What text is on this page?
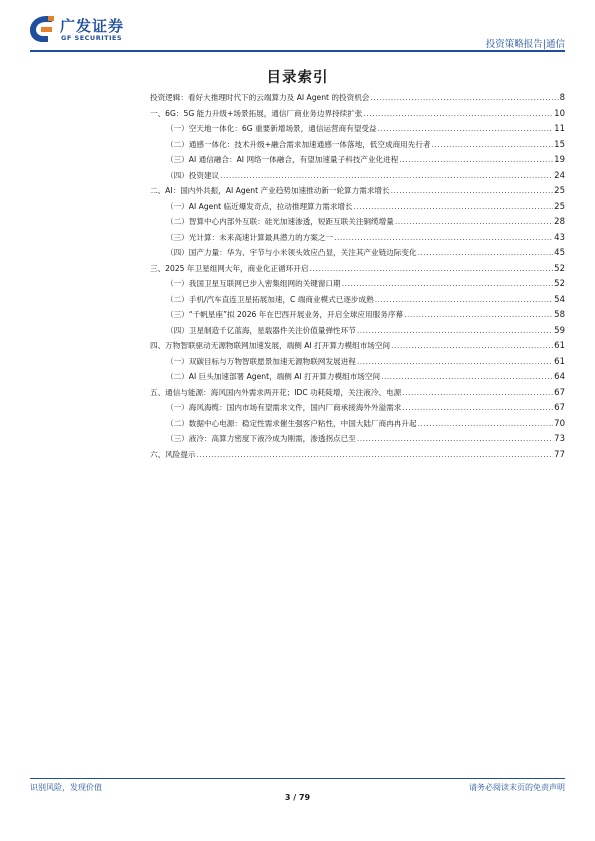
广发证券
GF SECURITIES
投资策略报告|通信
目录索引
投资逻辑：看好大推理时代下的云端算力及 AI Agent 的投资机会 .....	8
一、6G：5G 能力升级+场景拓展，通信厂商业务边界持续扩张 .....	10
（一）空天地一体化：6G 重要新增场景，通信运营商有望受益 .....	11
（二）通感一体化：技术升级+融合需求加速通感一体落地，低空成商用先行者 .....	15
（三）AI 通信融合：AI 网络一体融合，有望加速量子科技产业化进程 .....	19
（四）投资建议 .....	24
二、AI：国内外共振，AI Agent 产业趋势加速推动新一轮算力需求增长 .....	25
（一）AI Agent 临近爆发奇点，拉动推理算力需求增长 .....	25
（二）智算中心内部外互联：硅光加速渗透，短距互联关注铜缆增量 .....	28
（三）光计算：未来高速计算最具潜力的方案之一 .....	43
（四）国产力量：华为、宇节与小米领头效应凸显，关注其产业链边际变化 .....	45
三、2025 年卫星组网大年，商业化正循环开启 .....	52
（一）我国卫星互联网已步入密集组网的关键窗口期 .....	52
（二）手机/汽车直连卫星拓展加速，C 端商业模式已逐步成熟 .....	54
（三）“千帆星座”拟 2026 年在巴西开展业务，开启全球应用服务序幕 .....	58
（四）卫星制造千亿蓝海，星载器件关注价值量弹性环节 .....	59
四、万物智联驱动无源物联网加速发展，端侧 AI 打开算力模组市场空间 .....	61
（一）双碳目标与万物智联愿景加速无源物联网发展进程 .....	61
（二）AI 巨头加速部署 Agent，端侧 AI 打开算力模组市场空间 .....	64
五、通信与能源：海风国内外需求两开花；IDC 功耗陡增，关注液冷、电源 .....	67
（一）海风海缆：国内市场有望需求文件，国内厂商承接海外外溢需求 .....	67
（二）数据中心电源：稳定性需求催生强客户粘性，中国大陆厂商冉冉升起 .....	70
（三）液冷：高算力密度下液冷成为刚需，渗透拐点已至 .....	73
六、风险提示 .....	77
识别风险，发现价值	请务必阅读末页的免责声明
3 / 79
